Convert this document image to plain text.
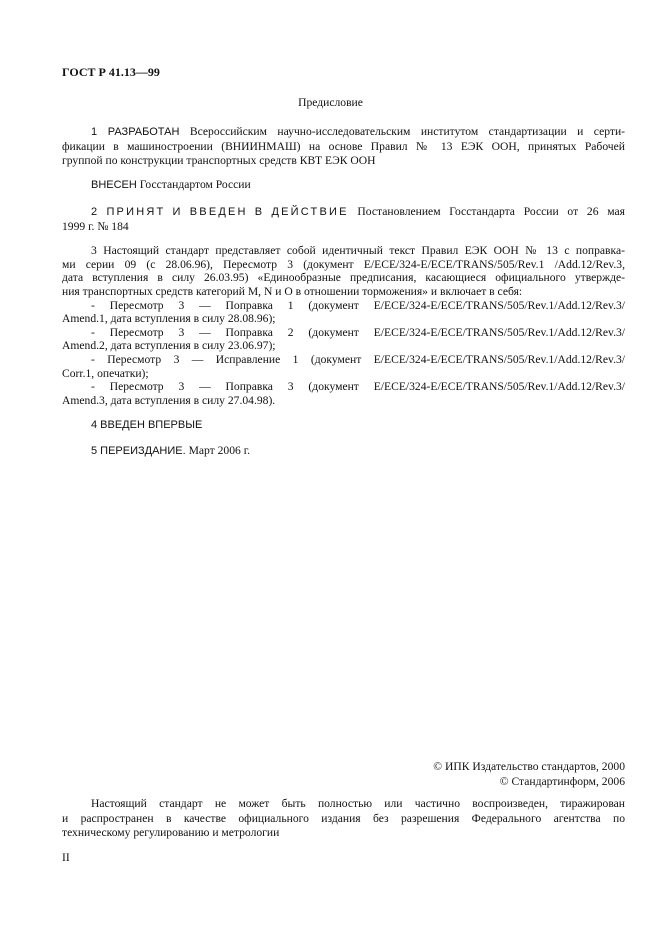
ГОСТ Р 41.13—99
Предисловие
1 РАЗРАБОТАН Всероссийским научно-исследовательским институтом стандартизации и серти-
фикации в машиностроении (ВНИИНМАШ) на основе Правил № 13 ЕЭК ООН, принятых Рабочей
группой по конструкции транспортных средств КВТ ЕЭК ООН
ВНЕСЕН Госстандартом России
2 ПРИНЯТ И ВВЕДЕН В ДЕЙСТВИЕ Постановлением Госстандарта России от 26 мая
1999 г. № 184
3 Настоящий стандарт представляет собой идентичный текст Правил ЕЭК ООН № 13 с поправка-
ми серии 09 (с 28.06.96), Пересмотр 3 (документ E/ECE/324-E/ECE/TRANS/505/Rev.1 /Add.12/Rev.3,
дата вступления в силу 26.03.95) «Единообразные предписания, касающиеся официального утвержде-
ния транспортных средств категорий М, N и О в отношении торможения» и включает в себя:
- Пересмотр 3 — Поправка 1 (документ E/ECE/324-E/ECE/TRANS/505/Rev.1/Add.12/Rev.3/
Amend.1, дата вступления в силу 28.08.96);
- Пересмотр 3 — Поправка 2 (документ E/ECE/324-E/ECE/TRANS/505/Rev.1/Add.12/Rev.3/
Amend.2, дата вступления в силу 23.06.97);
- Пересмотр 3 — Исправление 1 (документ E/ECE/324-E/ECE/TRANS/505/Rev.1/Add.12/Rev.3/
Corr.1, опечатки);
- Пересмотр 3 — Поправка 3 (документ E/ECE/324-E/ECE/TRANS/505/Rev.1/Add.12/Rev.3/
Amend.3, дата вступления в силу 27.04.98).
4 ВВЕДЕН ВПЕРВЫЕ
5 ПЕРЕИЗДАНИЕ. Март 2006 г.
© ИПК Издательство стандартов, 2000
© Стандартинформ, 2006
Настоящий стандарт не может быть полностью или частично воспроизведен, тиражирован
и распространен в качестве официального издания без разрешения Федерального агентства по
техническому регулированию и метрологии
II
